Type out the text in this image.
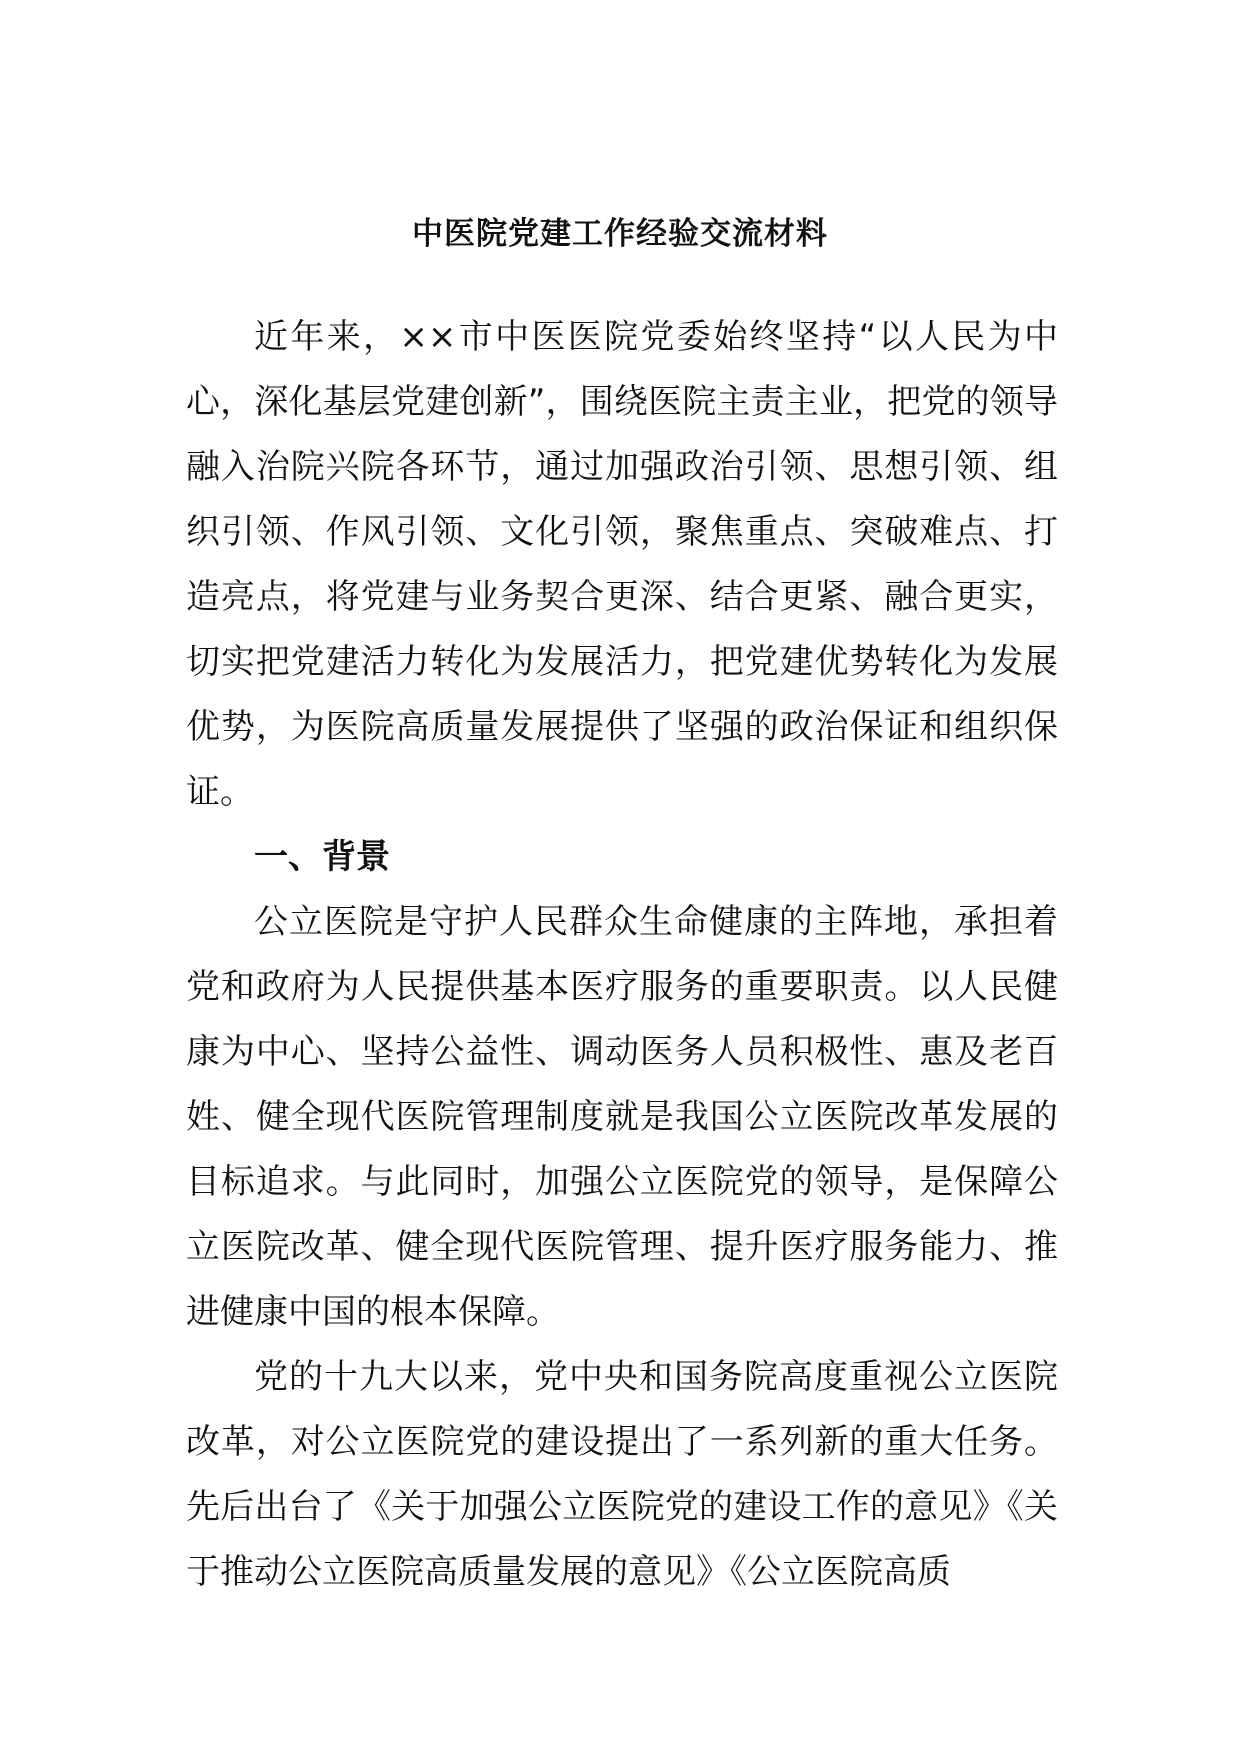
中医院党建工作经验交流材料

近年来，××市中医医院党委始终坚持“以人民为中心，深化基层党建创新”，围绕医院主责主业，把党的领导融入治院兴院各环节，通过加强政治引领、思想引领、组织引领、作风引领、文化引领，聚焦重点、突破难点、打造亮点，将党建与业务契合更深、结合更紧、融合更实，切实把党建活力转化为发展活力，把党建优势转化为发展优势，为医院高质量发展提供了坚强的政治保证和组织保证。

一、背景

公立医院是守护人民群众生命健康的主阵地，承担着党和政府为人民提供基本医疗服务的重要职责。以人民健康为中心、坚持公益性、调动医务人员积极性、惠及老百姓、健全现代医院管理制度就是我国公立医院改革发展的目标追求。与此同时，加强公立医院党的领导，是保障公立医院改革、健全现代医院管理、提升医疗服务能力、推进健康中国的根本保障。

党的十九大以来，党中央和国务院高度重视公立医院改革，对公立医院党的建设提出了一系列新的重大任务。先后出台了《关于加强公立医院党的建设工作的意见》《关于推动公立医院高质量发展的意见》《公立医院高质
